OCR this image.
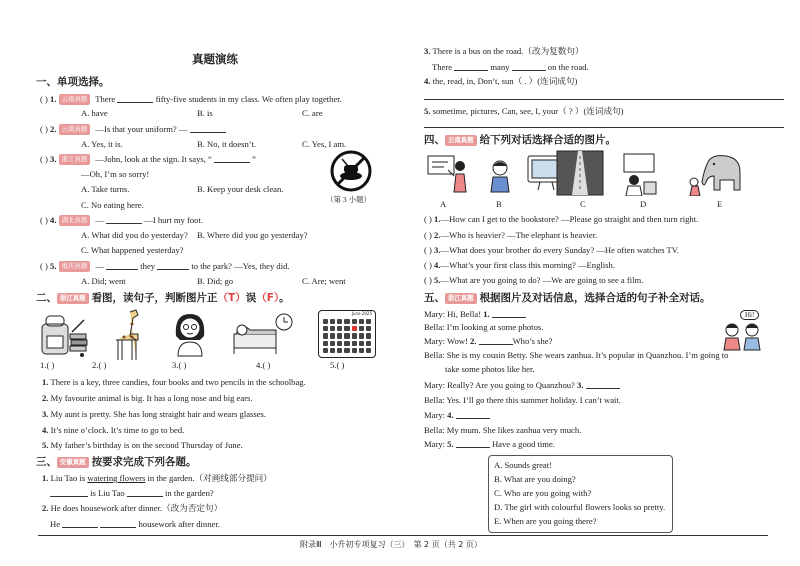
真题演练
一、单项选择。
( ) 1. 云南真题 There	fifty-five students in my class. We often play together.
A. have	B. is	C. are
( ) 2. 云南真题 —Is that your uniform? —
A. Yes, it is.	B. No, it doesn’t.	C. Yes, I am.
( ) 3. 浙江真题 —John, look at the sign. It says, “	”
—Oh, I’m so sorry!
A. Take turns.	B. Keep your desk clean.
C. No eating here.
（第 3 小题）
( ) 4. 湖北真题 —	—I hurt my foot.
A. What did you do yesterday? B. Where did you go yesterday?
C. What happened yesterday?
( ) 5. 重庆真题 —	they	to the park? —Yes, they did.
A. Did; went	B. Did; go	C. Are; went
二、 浙江真题 看图，读句子，判断图片正（T）误（F）。
June 2025
1.( )	2.( )	3.( )	4.( )	5.( )
1. There is a key, three candies, four books and two pencils in the schoolbag.
2. My favourite animal is big. It has a long nose and big ears.
3. My aunt is pretty. She has long straight hair and wears glasses.
4. It’s nine o’clock. It’s time to go to bed.
5. My father’s birthday is on the second Thursday of June.
三、 安徽真题 按要求完成下列各题。
1. Liu Tao is watering flowers in the garden.（对画线部分提问）
is Liu Tao	in the garden?
2. He does housework after dinner.（改为否定句）
He	housework after dinner.
3. There is a bus on the road.（改为复数句）
There	many	on the road.
4. the, read, in, Don’t, sun（ . ）(连词成句)
5. sometime, pictures, Can, see, I, your（ ? ）(连词成句)
四、 云南真题 给下列对话选择合适的图片。
A	B	C	D	E
( ) 1.—How can I get to the bookstore? —Please go straight and then turn right.
( ) 2.—Who is heavier? —The elephant is heavier.
( ) 3.—What does your brother do every Sunday? —He often watches TV.
( ) 4.—What’s your first class this morning? —English.
( ) 5.—What are you going to do? —We are going to see a film.
五、 浙江真题 根据图片及对话信息，选择合适的句子补全对话。
Hi!
Mary: Hi, Bella! 1.
Bella: I’m looking at some photos.
Mary: Wow! 2.	Who’s she?
Bella: She is my cousin Betty. She wears zanhua. It’s popular in Quanzhou. I’m going to
take some photos like her.
Mary: Really? Are you going to Quanzhou? 3.
Bella: Yes. I’ll go there this summer holiday. I can’t wait.
Mary: 4.
Bella: My mum. She likes zanhua very much.
Mary: 5.	Have a good time.
A. Sounds great!
B. What are you doing?
C. Who are you going with?
D. The girl with colourful flowers looks so pretty.
E. When are you going there?
附录Ⅲ　小升初专项复习（三）　第 2 页（共 2 页）
